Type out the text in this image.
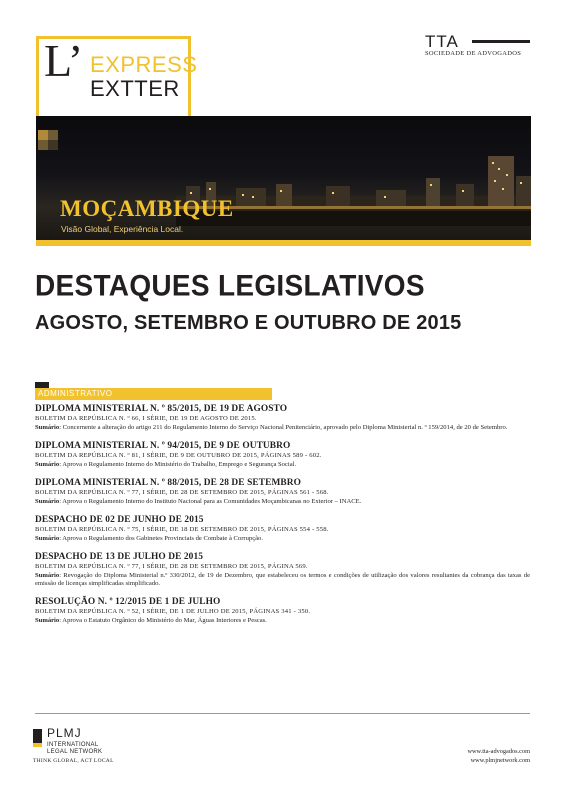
L’ EXPRESS
EXTTER
TTA
SOCIEDADE DE ADVOGADOS
MOÇAMBIQUE
Visão Global, Experiência Local.
DESTAQUES LEGISLATIVOS
AGOSTO, SETEMBRO E OUTUBRO DE 2015
ADMINISTRATIVO

DIPLOMA MINISTERIAL N. º 85/2015, DE 19 DE AGOSTO

BOLETIM DA REPÚBLICA N. º 66, I SÉRIE, DE 19 DE AGOSTO DE 2015.

Sumário: Concernente a alteração do artigo 211 do Regulamento Interno do Serviço Nacional Penitenciário, aprovado pelo Diploma Ministerial n. º 159/2014, de 20 de Setembro.

DIPLOMA MINISTERIAL N. º 94/2015, DE 9 DE OUTUBRO

BOLETIM DA REPÚBLICA N. º 81, I SÉRIE, DE 9 DE OUTUBRO DE 2015, PÁGINAS 589 - 602.

Sumário: Aprova o Regulamento Interno do Ministério do Trabalho, Emprego e Segurança Social.

DIPLOMA MINISTERIAL N. º 88/2015, DE 28 DE SETEMBRO

BOLETIM DA REPÚBLICA N. º 77, I SÉRIE, DE 28 DE SETEMBRO DE 2015, PÁGINAS 561 - 568.

Sumário: Aprova o Regulamento Interno do Instituto Nacional para as Comunidades Moçambicanas no Exterior – INACE.

DESPACHO DE 02 DE JUNHO DE 2015

BOLETIM DA REPÚBLICA N. º 75, I SÉRIE, DE 18 DE SETEMBRO DE 2015, PÁGINAS 554 - 558.

Sumário: Aprova o Regulamento dos Gabinetes Provinciais de Combate à Corrupção.

DESPACHO DE 13 DE JULHO DE 2015

BOLETIM DA REPÚBLICA N. º 77, I SÉRIE, DE 28 DE SETEMBRO DE 2015, PÁGINA 569.

Sumário: Revogação do Diploma Ministerial n.º 330/2012, de 19 de Dezembro, que estabeleceu os termos e condições de utilização dos valores resultantes da cobrança das taxas de emissão de licenças simplificadas simplificado.

RESOLUÇÃO N. º 12/2015 DE 1 DE JULHO

BOLETIM DA REPÚBLICA N. º 52, I SÉRIE, DE 1 DE JULHO DE 2015, PÁGINAS 341 - 350.

Sumário: Aprova o Estatuto Orgânico do Ministério do Mar, Águas Interiores e Pescas.

PLMJ
INTERNATIONAL
LEGAL NETWORK
THINK GLOBAL, ACT LOCAL
www.tta-advogados.com
www.plmjnetwork.com
